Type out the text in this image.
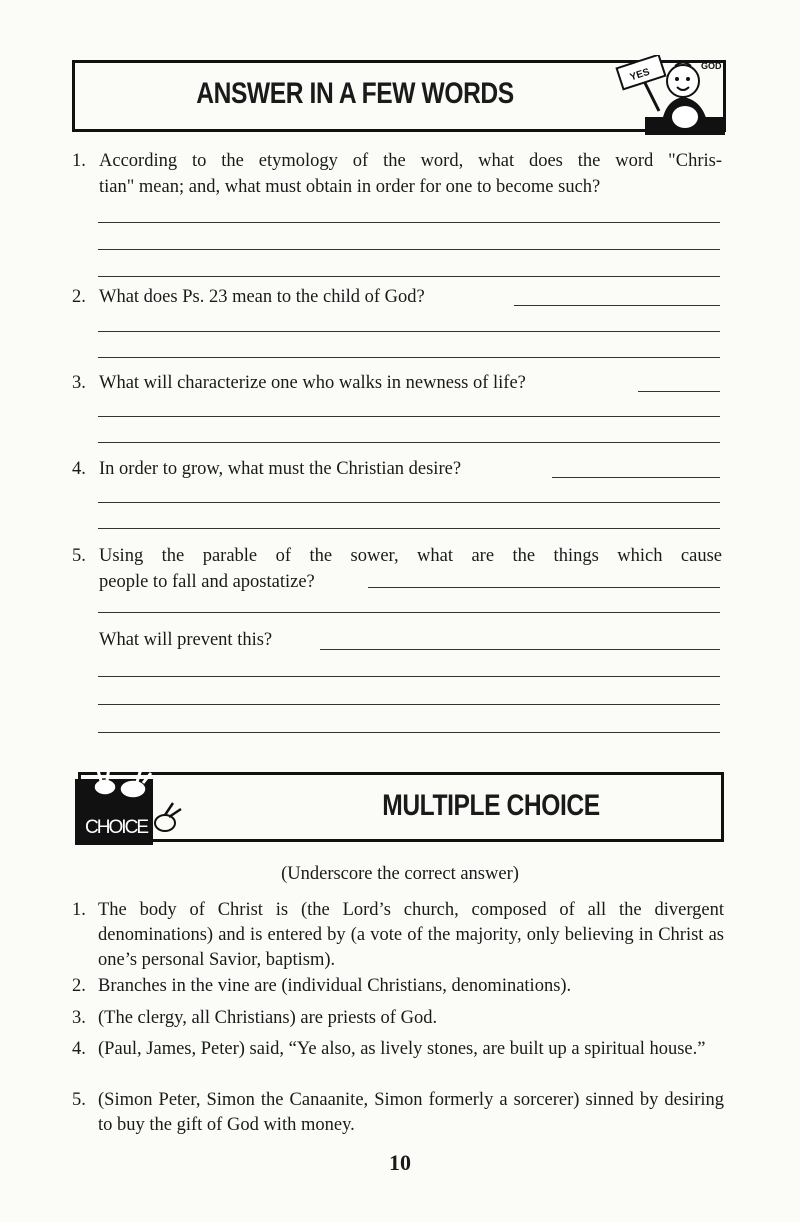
ANSWER IN A FEW WORDS
YES
GOD
1. According to the etymology of the word, what does the word "Chris-
tian" mean; and, what must obtain in order for one to become such?
2. What does Ps. 23 mean to the child of God?
3. What will characterize one who walks in newness of life?
4. In order to grow, what must the Christian desire?
5. Using the parable of the sower, what are the things which cause
people to fall and apostatize?
What will prevent this?
CHOICE
MULTIPLE CHOICE
(Underscore the correct answer)
1. The body of Christ is (the Lord’s church, composed of all the divergent denominations) and is entered by (a vote of the majority, only believing in Christ as one’s personal Savior, baptism).
2. Branches in the vine are (individual Christians, denominations).
3. (The clergy, all Christians) are priests of God.
4. (Paul, James, Peter) said, “Ye also, as lively stones, are built up a spiritual house.”
5. (Simon Peter, Simon the Canaanite, Simon formerly a sorcerer) sinned by desiring to buy the gift of God with money.
10
